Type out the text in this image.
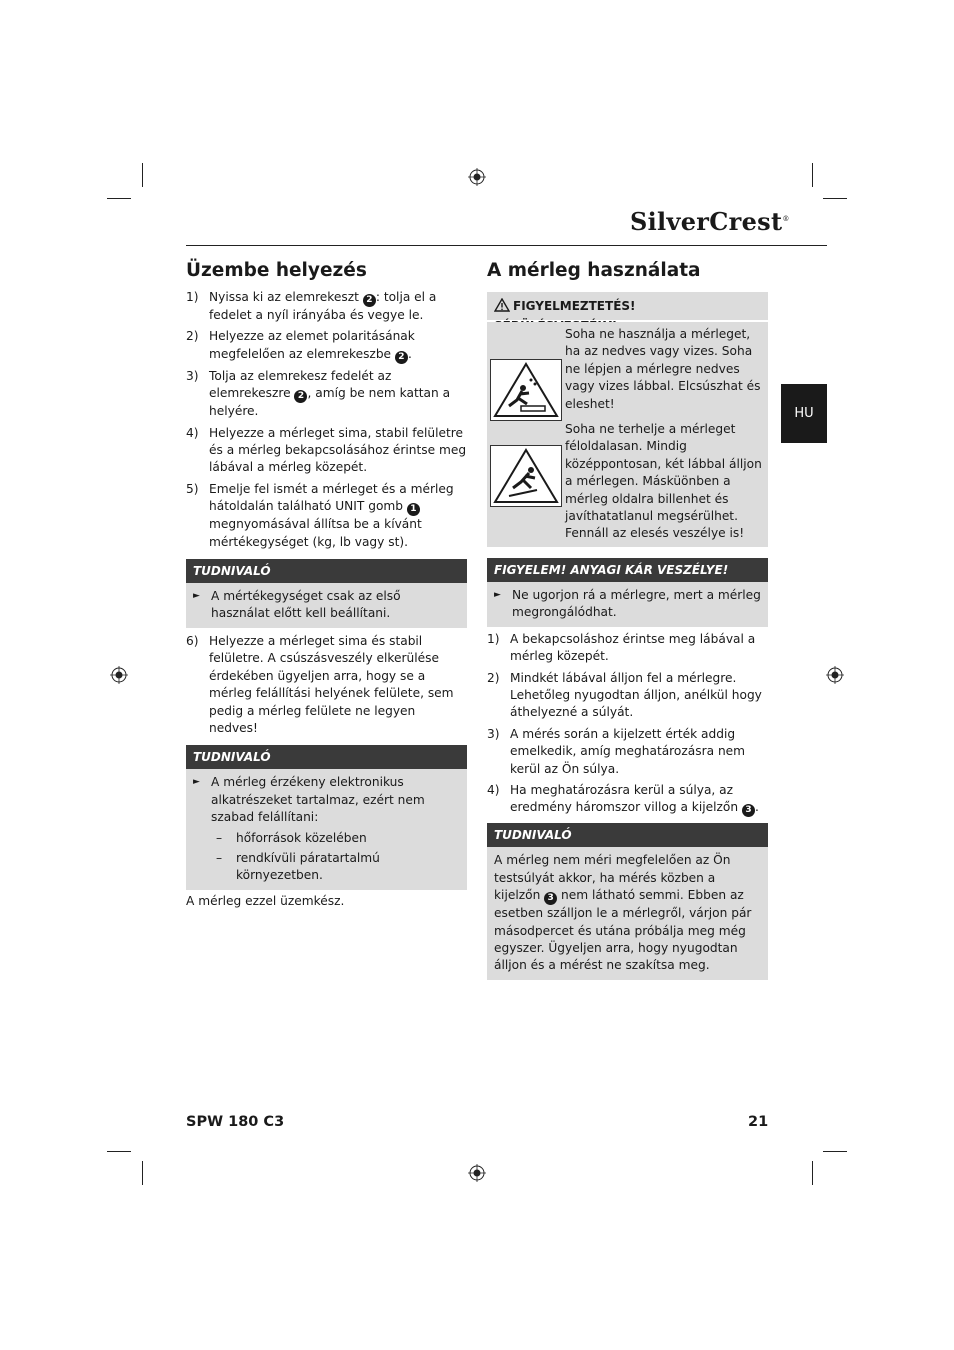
SilverCrest®
HU
Üzembe helyezés
1) Nyissa ki az elemrekeszt 2 : tolja el a fedelet a nyíl irányába és vegye le.
2) Helyezze az elemet polaritásának megfelelően az elemrekeszbe 2 .
3) Tolja az elemrekesz fedelét az elemrekeszre 2 , amíg be nem kattan a helyére.
4) Helyezze a mérleget sima, stabil felületre és a mérleg bekapcsolásához érintse meg lábával a mérleg közepét.
5) Emelje fel ismét a mérleget és a mérleg hátoldalán található UNIT gomb 1 megnyomásával állítsa be a kívánt mértékegységet (kg, lb vagy st).
TUDNIVALÓ
► A mértékegységet csak az első használat előtt kell beállítani.
6) Helyezze a mérleget sima és stabil felületre. A csúszásveszély elkerülése érdekében ügyeljen arra, hogy se a mérleg felállítási helyének felülete, sem pedig a mérleg felülete ne legyen nedves!
TUDNIVALÓ
► A mérleg érzékeny elektronikus alkatrészeket tartalmaz, ezért nem szabad felállítani:
– hőforrások közelében
– rendkívüli páratartalmú környezetben.
A mérleg ezzel üzemkész.
A mérleg használata
FIGYELMEZTETÉS!
Soha ne használja a mérleget, ha az nedves vagy vizes. Soha ne lépjen a mérlegre nedves vagy vizes lábbal. Elcsúszhat és eleshet!
Soha ne terhelje a mérleget féloldalasan. Mindig középpontosan, két lábbal álljon a mérlegen. Másküönben a mérleg oldalra billenhet és javíthatatlanul megsérülhet. Fennáll az elesés veszélye is!
FIGYELEM! ANYAGI KÁR VESZÉLYE!
► Ne ugorjon rá a mérlegre, mert a mérleg megrongálódhat.
1) A bekapcsoláshoz érintse meg lábával a mérleg közepét.
2) Mindkét lábával álljon fel a mérlegre. Lehetőleg nyugodtan álljon, anélkül hogy áthelyezné a súlyát.
3) A mérés során a kijelzett érték addig emelkedik, amíg meghatározásra nem kerül az Ön súlya.
4) Ha meghatározásra kerül a súlya, az eredmény háromszor villog a kijelzőn 3 .
TUDNIVALÓ
A mérleg nem méri megfelelően az Ön testsúlyát akkor, ha mérés közben a kijelzőn 3 nem látható semmi. Ebben az esetben szálljon le a mérlegről, várjon pár másodpercet és utána próbálja meg még egyszer. Ügyeljen arra, hogy nyugodtan álljon és a mérést ne szakítsa meg.
SPW 180 C3	21
